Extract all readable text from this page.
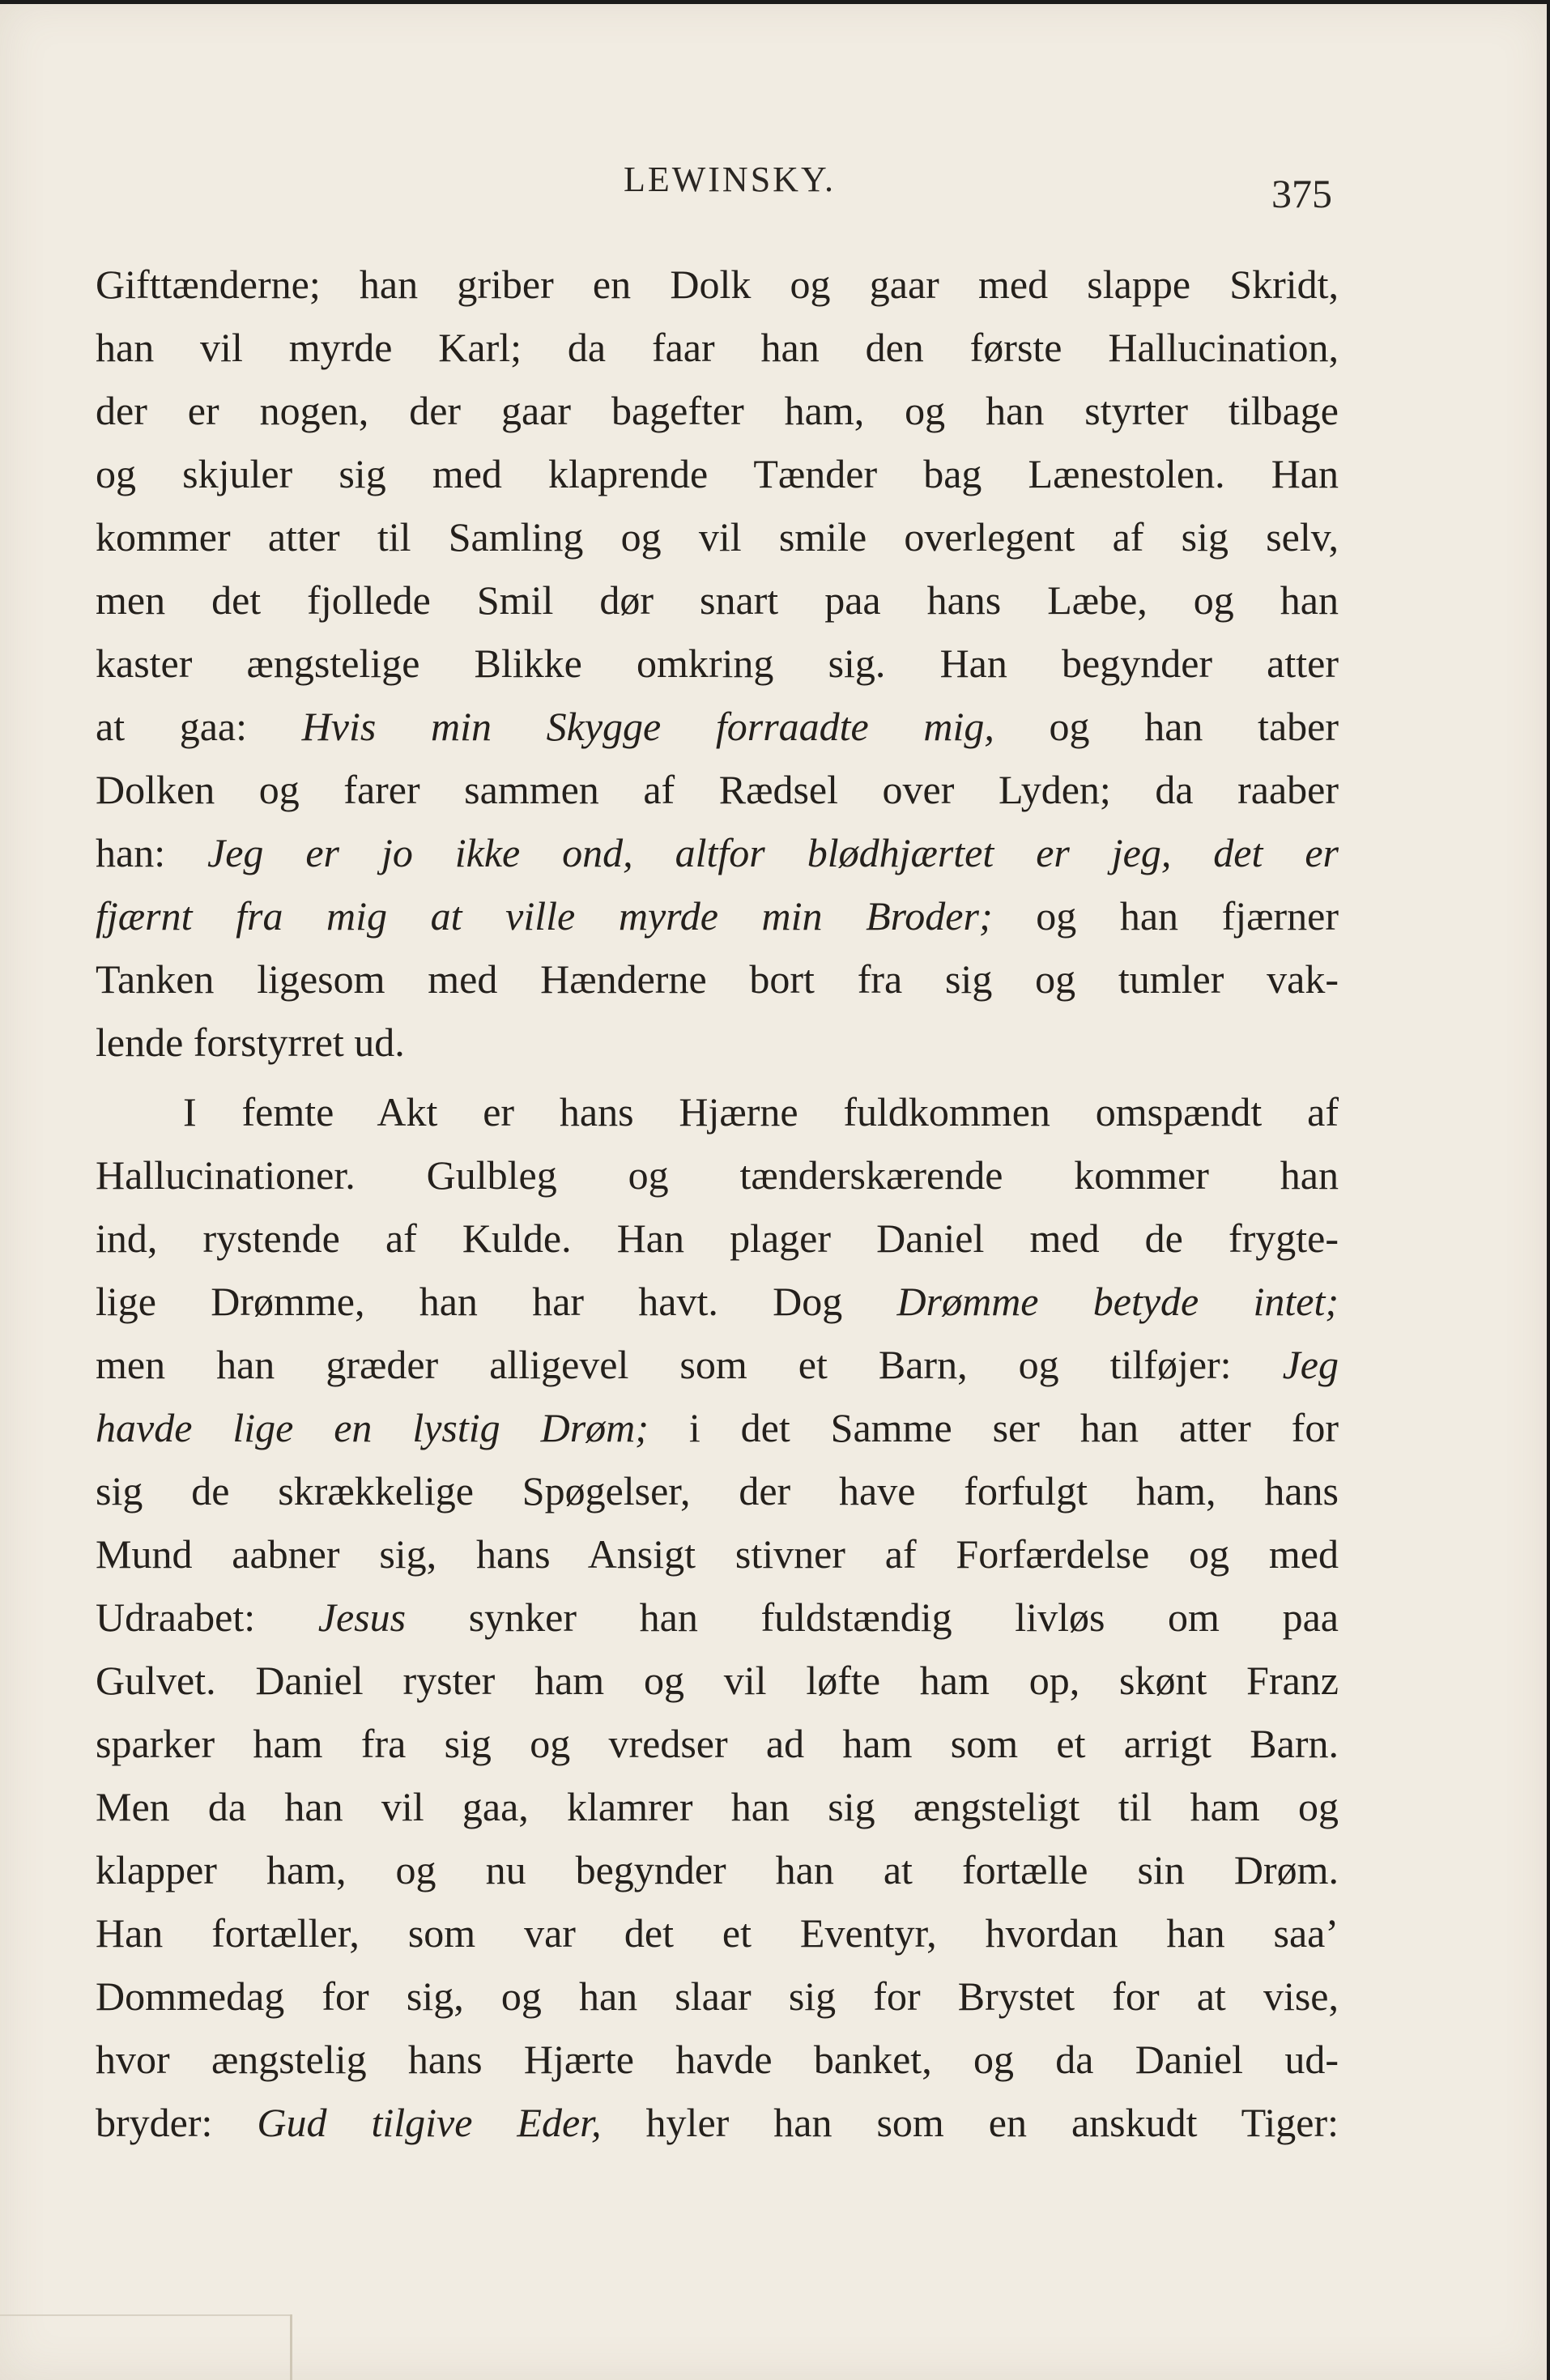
LEWINSKY.	375
Gifttænderne; han griber en Dolk og gaar med slappe Skridt,
han vil myrde Karl; da faar han den første Hallucination,
der er nogen, der gaar bagefter ham, og han styrter tilbage
og skjuler sig med klaprende Tænder bag Lænestolen. Han
kommer atter til Samling og vil smile overlegent af sig selv,
men det fjollede Smil dør snart paa hans Læbe, og han
kaster ængstelige Blikke omkring sig. Han begynder atter
at gaa: Hvis min Skygge forraadte mig, og han taber
Dolken og farer sammen af Rædsel over Lyden; da raaber
han: Jeg er jo ikke ond, altfor blødhjærtet er jeg, det er
fjærnt fra mig at ville myrde min Broder; og han fjærner
Tanken ligesom med Hænderne bort fra sig og tumler vak-
lende forstyrret ud.
I femte Akt er hans Hjærne fuldkommen omspændt af
Hallucinationer. Gulbleg og tænderskærende kommer han
ind, rystende af Kulde. Han plager Daniel med de frygte-
lige Drømme, han har havt. Dog Drømme betyde intet;
men han græder alligevel som et Barn, og tilføjer: Jeg
havde lige en lystig Drøm; i det Samme ser han atter for
sig de skrækkelige Spøgelser, der have forfulgt ham, hans
Mund aabner sig, hans Ansigt stivner af Forfærdelse og med
Udraabet: Jesus synker han fuldstændig livløs om paa
Gulvet. Daniel ryster ham og vil løfte ham op, skønt Franz
sparker ham fra sig og vredser ad ham som et arrigt Barn.
Men da han vil gaa, klamrer han sig ængsteligt til ham og
klapper ham, og nu begynder han at fortælle sin Drøm.
Han fortæller, som var det et Eventyr, hvordan han saa’
Dommedag for sig, og han slaar sig for Brystet for at vise,
hvor ængstelig hans Hjærte havde banket, og da Daniel ud-
bryder: Gud tilgive Eder, hyler han som en anskudt Tiger:
